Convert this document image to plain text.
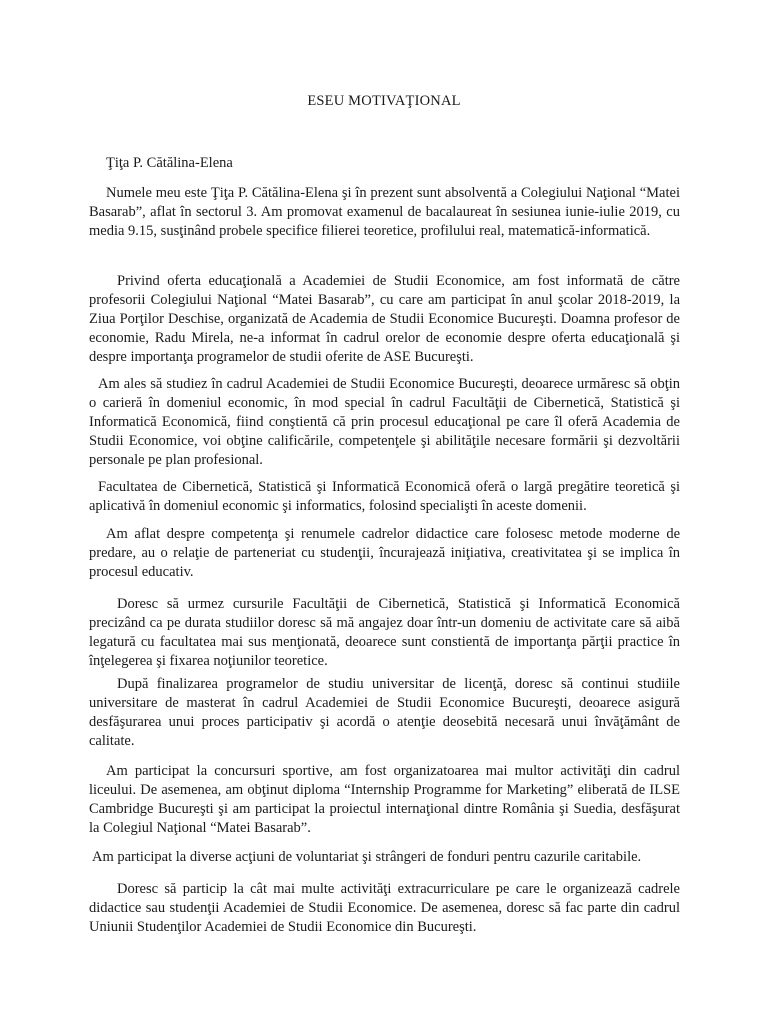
ESEU MOTIVAŢIONAL
Ţiţa P. Cătălina-Elena

Numele meu este Ţiţa P. Cătălina-Elena şi în prezent sunt absolventă a Colegiului Naţional “Matei Basarab”, aflat în sectorul 3. Am promovat examenul de bacalaureat în sesiunea iunie-iulie 2019, cu media 9.15, susţinând probele specifice filierei teoretice, profilului real, matematică-informatică.

Privind oferta educaţională a Academiei de Studii Economice, am fost informată de către profesorii Colegiului Naţional “Matei Basarab”, cu care am participat în anul şcolar 2018-2019, la Ziua Porţilor Deschise, organizată de Academia de Studii Economice Bucureşti. Doamna profesor de economie, Radu Mirela, ne-a informat în cadrul orelor de economie despre oferta educaţională şi despre importanţa programelor de studii oferite de ASE Bucureşti.

Am ales să studiez în cadrul Academiei de Studii Economice Bucureşti, deoarece urmăresc să obţin o carieră în domeniul economic, în mod special în cadrul Facultăţii de Cibernetică, Statistică şi Informatică Economică, fiind conştientă că prin procesul educaţional pe care îl oferă Academia de Studii Economice, voi obţine calificările, competenţele şi abilităţile necesare formării şi dezvoltării personale pe plan profesional.

Facultatea de Cibernetică, Statistică şi Informatică Economică oferă o largă pregătire teoretică şi aplicativă în domeniul economic şi informatics, folosind specialişti în aceste domenii.

Am aflat despre competenţa şi renumele cadrelor didactice care folosesc metode moderne de predare, au o relaţie de parteneriat cu studenţii, încurajează iniţiativa, creativitatea şi se implica în procesul educativ.

Doresc să urmez cursurile Facultăţii de Cibernetică, Statistică şi Informatică Economică precizând ca pe durata studiilor doresc să mă angajez doar într-un domeniu de activitate care să aibă legatură cu facultatea mai sus menţionată, deoarece sunt constientă de importanţa părţii practice în înţelegerea şi fixarea noţiunilor teoretice.

După finalizarea programelor de studiu universitar de licenţă, doresc să continui studiile universitare de masterat în cadrul Academiei de Studii Economice Bucureşti, deoarece asigură desfăşurarea unui proces participativ şi acordă o atenţie deosebită necesară unui învăţământ de calitate.

Am participat la concursuri sportive, am fost organizatoarea mai multor activităţi din cadrul liceului. De asemenea, am obţinut diploma “Internship Programme for Marketing” eliberată de ILSE Cambridge Bucureşti şi am participat la proiectul internaţional dintre România şi Suedia, desfăşurat la Colegiul Naţional “Matei Basarab”.

Am participat la diverse acţiuni de voluntariat şi strângeri de fonduri pentru cazurile caritabile.

Doresc să particip la cât mai multe activităţi extracurriculare pe care le organizează cadrele didactice sau studenţii Academiei de Studii Economice. De asemenea, doresc să fac parte din cadrul Uniunii Studenţilor Academiei de Studii Economice din Bucureşti.
